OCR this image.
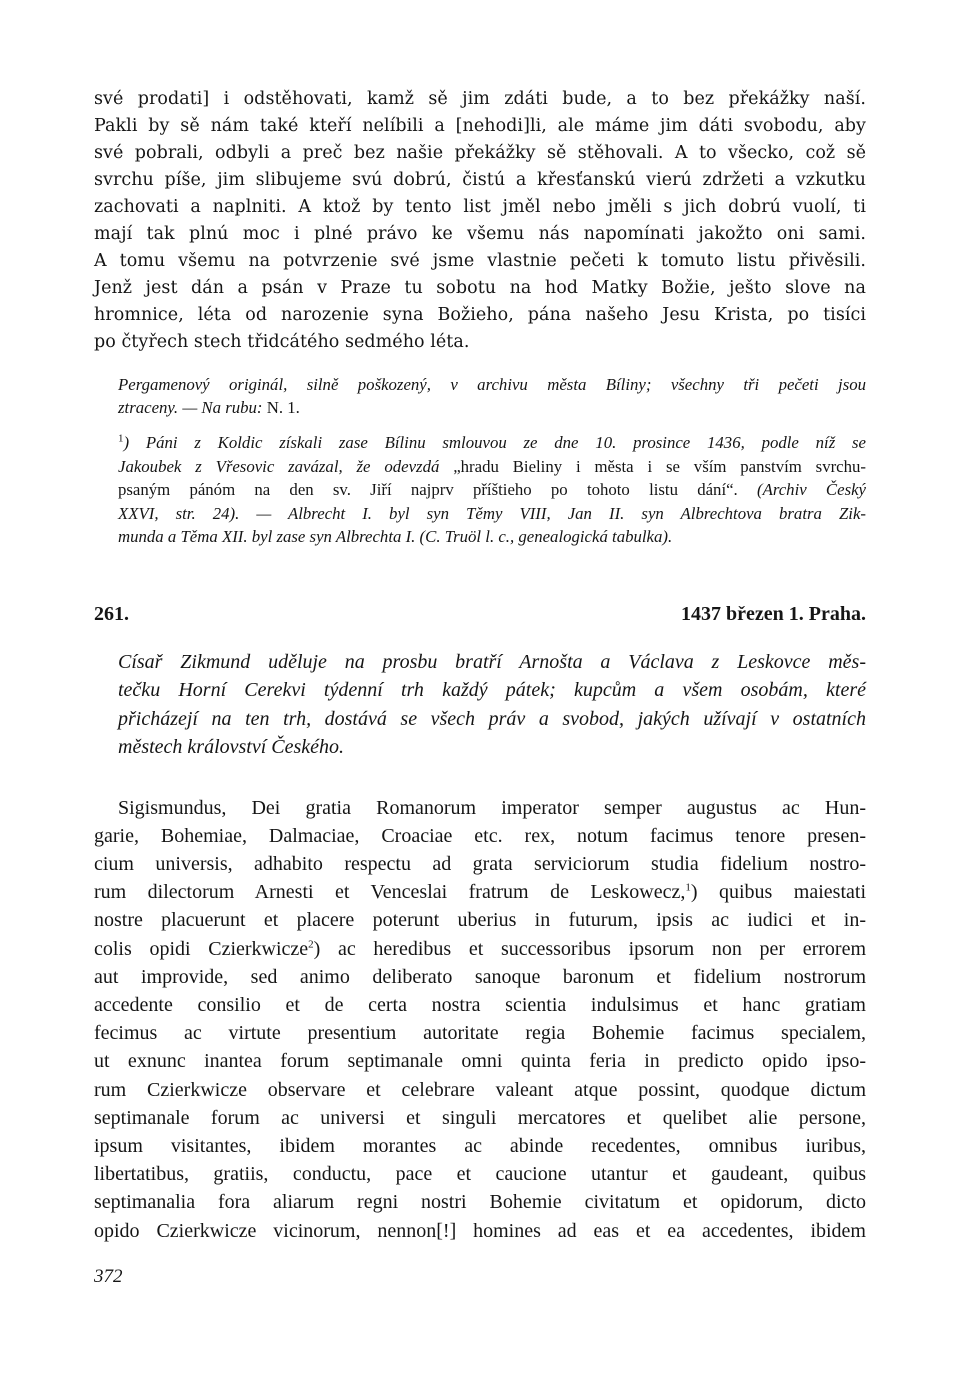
své prodati] i odstěhovati, kamž sě jim zdáti bude, a to bez překážky naší.
Pakli by sě nám také kteří nelíbili a [nehodi]li, ale máme jim dáti svobodu, aby
své pobrali, odbyli a preč bez našie překážky sě stěhovali. A to všecko, což sě
svrchu píše, jim slibujeme svú dobrú, čistú a křesťanskú vierú zdržeti a vzkutku
zachovati a naplniti. A ktož by tento list jměl nebo jměli s jich dobrú vuolí, ti
mají tak plnú moc i plné právo ke všemu nás napomínati jakožto oni sami.
A tomu všemu na potvrzenie své jsme vlastnie pečeti k tomuto listu přivěsili.
Jenž jest dán a psán v Praze tu sobotu na hod Matky Božie, ješto slove na
hromnice, léta od narozenie syna Božieho, pána našeho Jesu Krista, po tisíci
po čtyřech stech třidcátého sedmého léta.
Pergamenový originál, silně poškozený, v archivu města Bíliny; všechny tři pečeti jsou
ztraceny. — Na rubu: N. 1.
$^1$) Páni z Koldic získali zase Bílinu smlouvou ze dne 10. prosince 1436, podle níž se
Jakoubek z Vřesovic zavázal, že odevzdá „hradu Bieliny i města i se vším panstvím svrchu-
psaným pánóm na den sv. Jiří najprv příštieho po tohoto listu dání“. (Archiv Český
XXVI, str. 24). — Albrecht I. byl syn Těmy VIII, Jan II. syn Albrechtova bratra Zik-
munda a Těma XII. byl zase syn Albrechta I. (C. Truöl l. c., genealogická tabulka).
261.	1437 březen 1. Praha.
Císař Zikmund uděluje na prosbu bratří Arnošta a Václava z Leskovce měs-
tečku Horní Cerekvi týdenní trh každý pátek; kupcům a všem osobám, které
přicházejí na ten trh, dostává se všech práv a svobod, jakých užívají v ostatních
městech království Českého.
Sigismundus, Dei gratia Romanorum imperator semper augustus ac Hun-
garie, Bohemiae, Dalmaciae, Croaciae etc. rex, notum facimus tenore presen-
cium universis, adhabito respectu ad grata serviciorum studia fidelium nostro-
rum dilectorum Arnesti et Venceslai fratrum de Leskowecz,$^1$) quibus maiestati
nostre placuerunt et placere poterunt uberius in futurum, ipsis ac iudici et in-
colis opidi Czierkwicze$^2$) ac heredibus et successoribus ipsorum non per errorem
aut improvide, sed animo deliberato sanoque baronum et fidelium nostrorum
accedente consilio et de certa nostra scientia indulsimus et hanc gratiam
fecimus ac virtute presentium autoritate regia Bohemie facimus specialem,
ut exnunc inantea forum septimanale omni quinta feria in predicto opido ipso-
rum Czierkwicze observare et celebrare valeant atque possint, quodque dictum
septimanale forum ac universi et singuli mercatores et quelibet alie persone,
ipsum visitantes, ibidem morantes ac abinde recedentes, omnibus iuribus,
libertatibus, gratiis, conductu, pace et caucione utantur et gaudeant, quibus
septimanalia fora aliarum regni nostri Bohemie civitatum et opidorum, dicto
opido Czierkwicze vicinorum, nennon[!] homines ad eas et ea accedentes, ibidem
372
